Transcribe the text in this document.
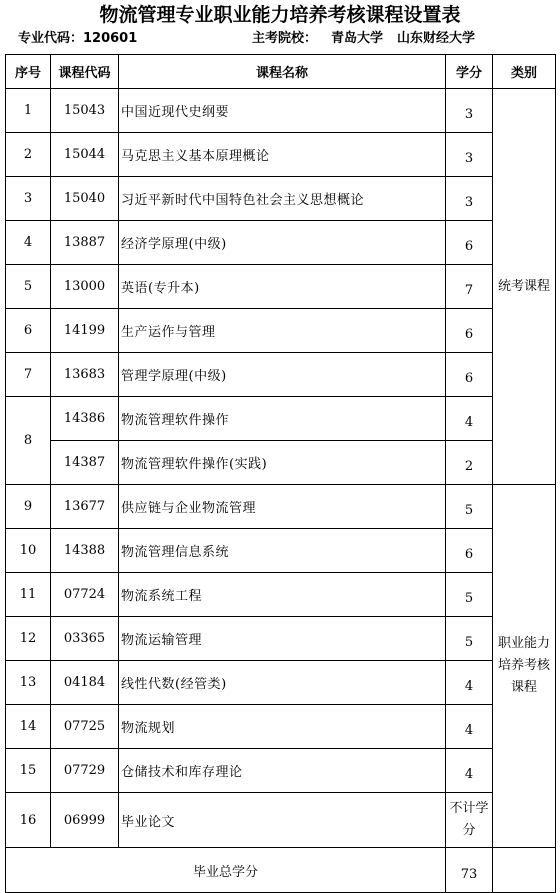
物流管理专业职业能力培养考核课程设置表
专业代码：120601	主考院校： 青岛大学 山东财经大学
序号	课程代码	课程名称	学分	类别
1	15043	中国近现代史纲要	3	统考课程
2	15044	马克思主义基本原理概论	3	
3	15040	习近平新时代中国特色社会主义思想概论	3	
4	13887	经济学原理(中级)	6	
5	13000	英语(专升本)	7	
6	14199	生产运作与管理	6	
7	13683	管理学原理(中级)	6	
8	14386	物流管理软件操作	4	
	14387	物流管理软件操作(实践)	2	
9	13677	供应链与企业物流管理	5	职业能力培养考核课程
10	14388	物流管理信息系统	6	
11	07724	物流系统工程	5	
12	03365	物流运输管理	5	
13	04184	线性代数(经管类)	4	
14	07725	物流规划	4	
15	07729	仓储技术和库存理论	4	
16	06999	毕业论文	不计学分	
毕业总学分			73	
